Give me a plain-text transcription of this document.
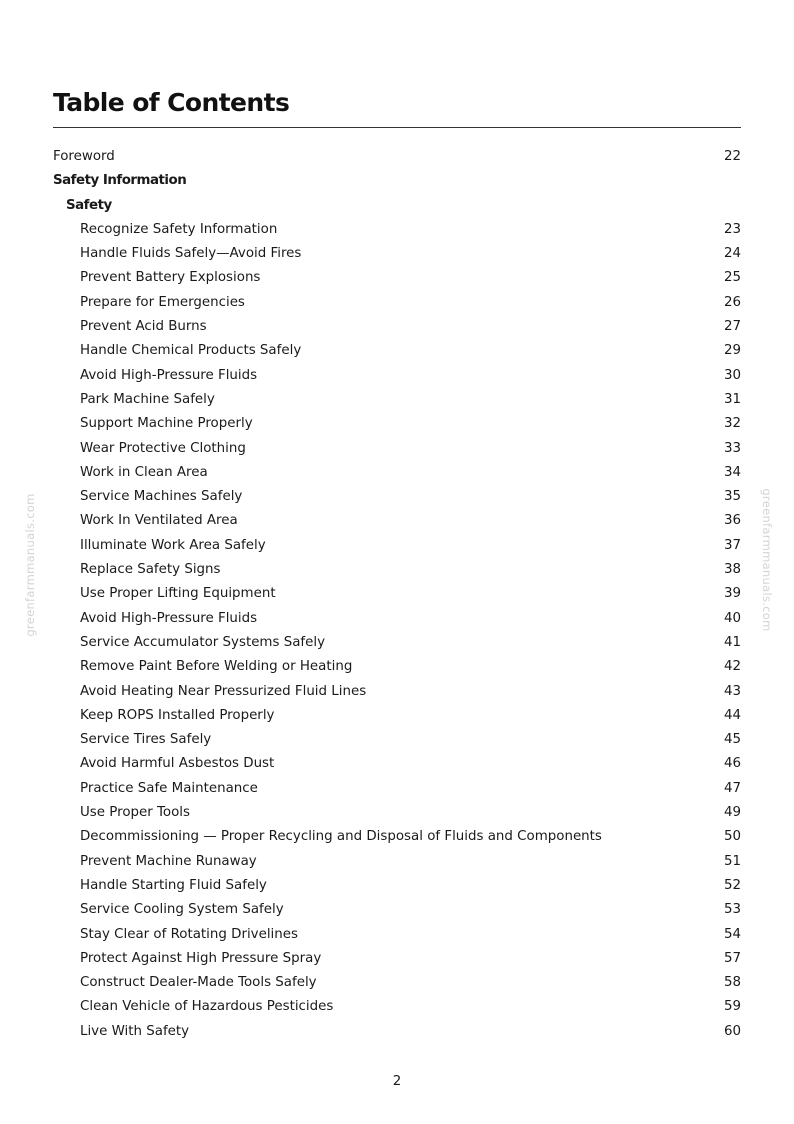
Table of Contents
Foreword	22
Safety Information
Safety
Recognize Safety Information	23
Handle Fluids Safely—Avoid Fires	24
Prevent Battery Explosions	25
Prepare for Emergencies	26
Prevent Acid Burns	27
Handle Chemical Products Safely	29
Avoid High-Pressure Fluids	30
Park Machine Safely	31
Support Machine Properly	32
Wear Protective Clothing	33
Work in Clean Area	34
Service Machines Safely	35
Work In Ventilated Area	36
Illuminate Work Area Safely	37
Replace Safety Signs	38
Use Proper Lifting Equipment	39
Avoid High-Pressure Fluids	40
Service Accumulator Systems Safely	41
Remove Paint Before Welding or Heating	42
Avoid Heating Near Pressurized Fluid Lines	43
Keep ROPS Installed Properly	44
Service Tires Safely	45
Avoid Harmful Asbestos Dust	46
Practice Safe Maintenance	47
Use Proper Tools	49
Decommissioning — Proper Recycling and Disposal of Fluids and Components	50
Prevent Machine Runaway	51
Handle Starting Fluid Safely	52
Service Cooling System Safely	53
Stay Clear of Rotating Drivelines	54
Protect Against High Pressure Spray	57
Construct Dealer-Made Tools Safely	58
Clean Vehicle of Hazardous Pesticides	59
Live With Safety	60
2
greenfarmmanuals.com	greenfarmmanuals.com
